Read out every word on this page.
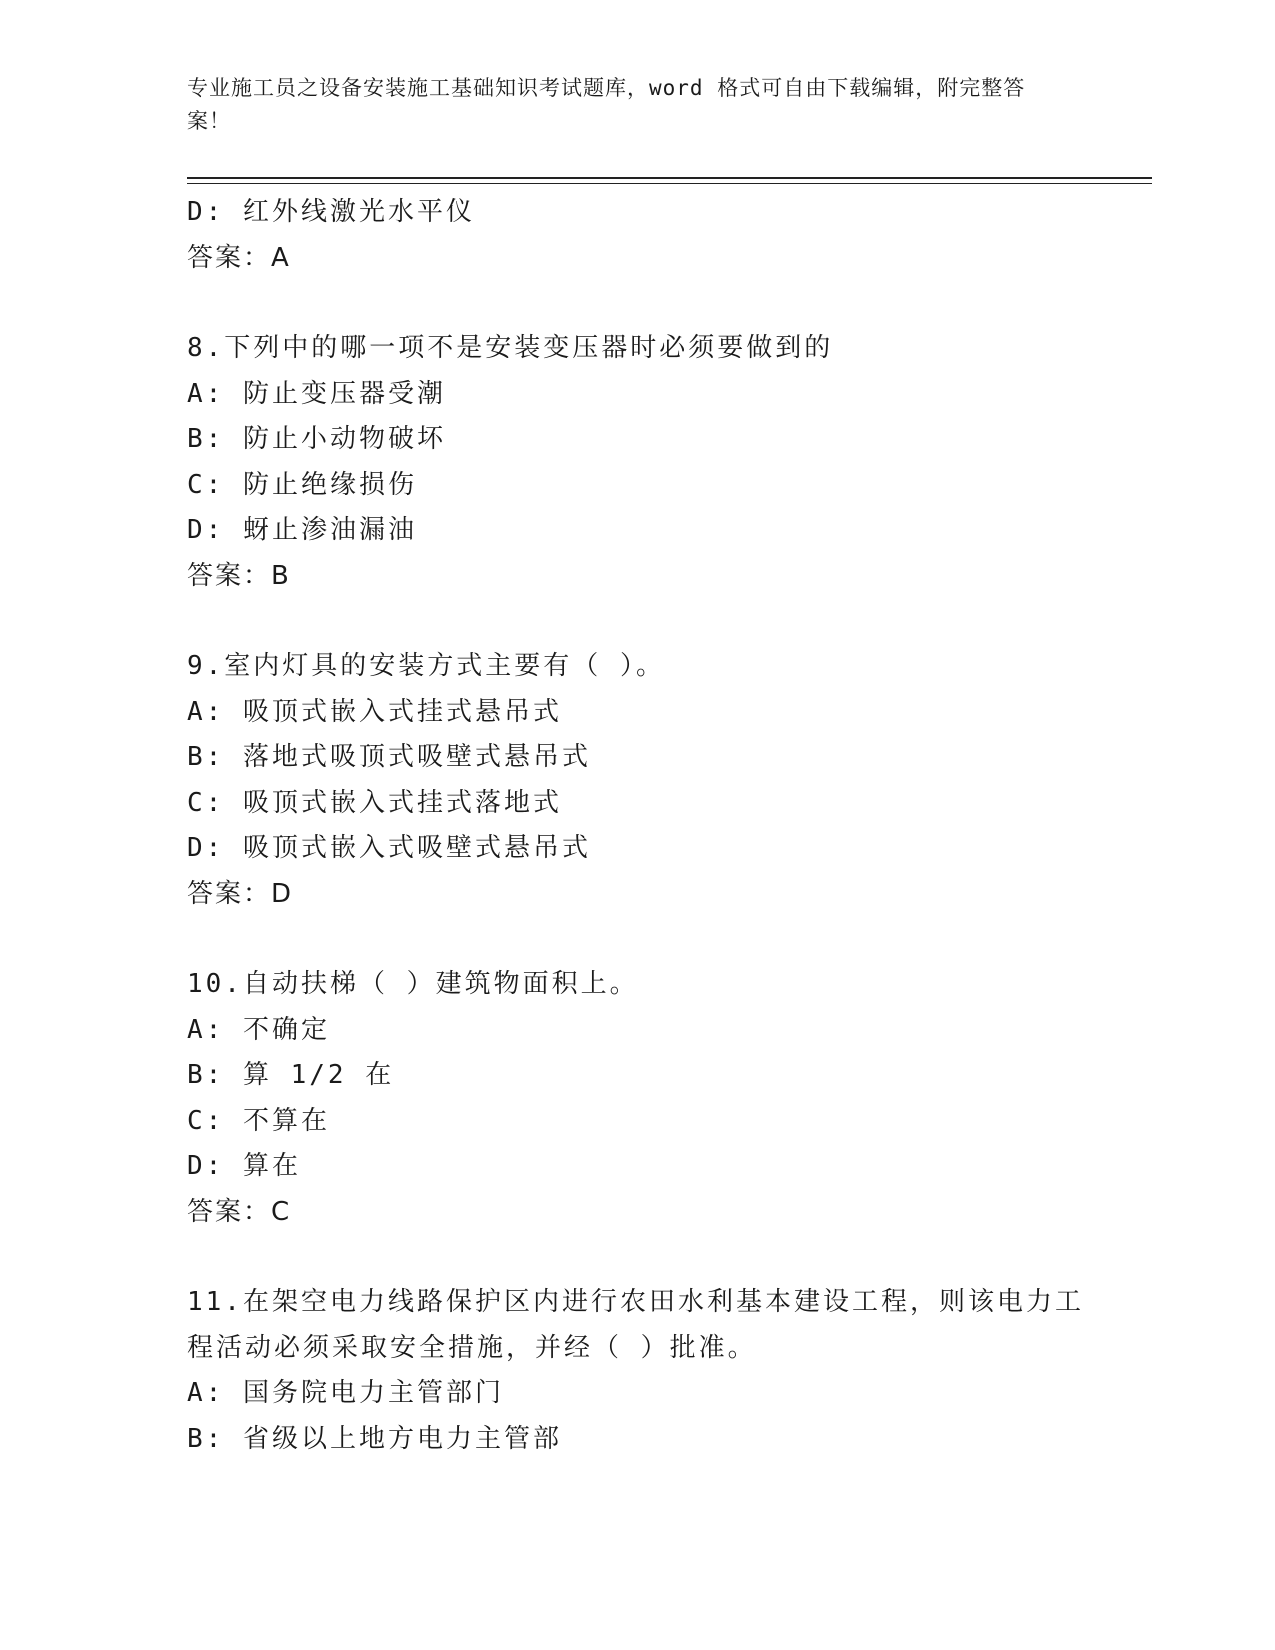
专业施工员之设备安装施工基础知识考试题库，word 格式可自由下载编辑，附完整答案！
D: 红外线激光水平仪
答案：A
8.下列中的哪一项不是安装变压器时必须要做到的
A: 防止变压器受潮
B: 防止小动物破坏
C: 防止绝缘损伤
D: 蚜止渗油漏油
答案：B
9.室内灯具的安装方式主要有（ ）。
A: 吸顶式嵌入式挂式悬吊式
B: 落地式吸顶式吸壁式悬吊式
C: 吸顶式嵌入式挂式落地式
D: 吸顶式嵌入式吸壁式悬吊式
答案：D
10.自动扶梯（ ）建筑物面积上。
A: 不确定
B: 算 1/2 在
C: 不算在
D: 算在
答案：C
11.在架空电力线路保护区内进行农田水利基本建设工程，则该电力工
程活动必须采取安全措施，并经（ ）批准。
A: 国务院电力主管部门
B: 省级以上地方电力主管部
